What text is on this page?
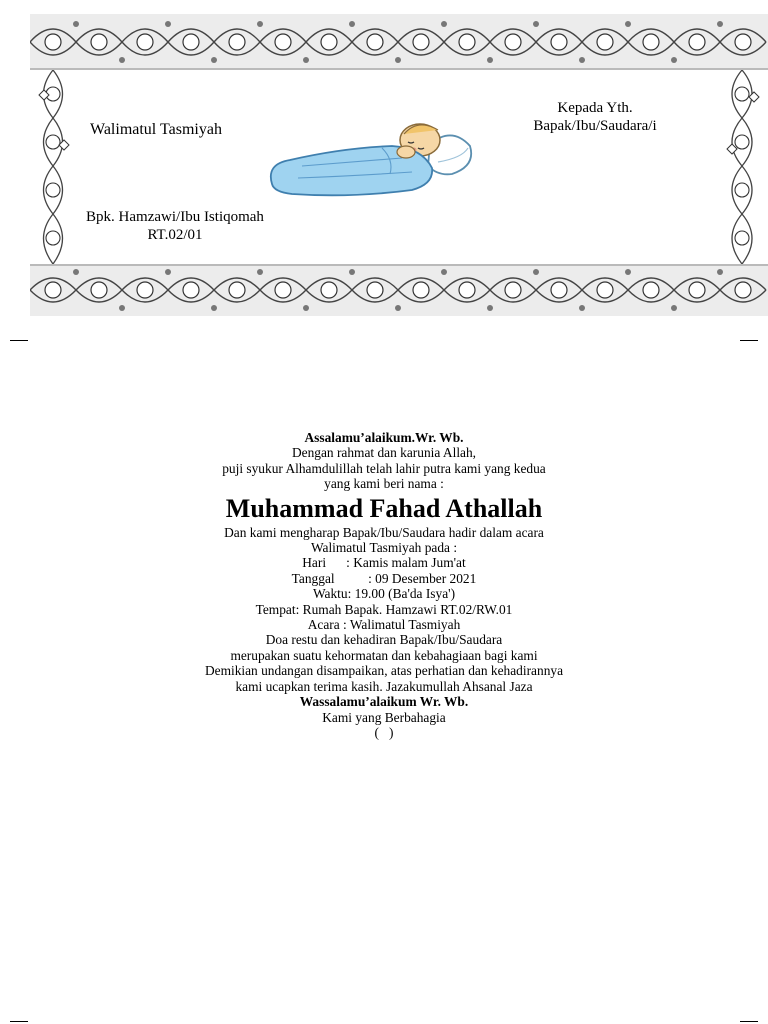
Walimatul Tasmiyah
Kepada Yth.
Bapak/Ibu/Saudara/i
Bpk. Hamzawi/Ibu Istiqomah
RT.02/01
Assalamu’alaikum.Wr. Wb.
Dengan rahmat dan karunia Allah,
puji syukur Alhamdulillah telah lahir putra kami yang kedua
yang kami beri nama :
Muhammad Fahad Athallah
Dan kami mengharap Bapak/Ibu/Saudara hadir dalam acara
Walimatul Tasmiyah pada :
Hari      : Kamis malam Jum'at
Tanggal          : 09 Desember 2021
Waktu: 19.00 (Ba'da Isya')
Tempat: Rumah Bapak. Hamzawi RT.02/RW.01
Acara : Walimatul Tasmiyah
Doa restu dan kehadiran Bapak/Ibu/Saudara
merupakan suatu kehormatan dan kebahagiaan bagi kami
Demikian undangan disampaikan, atas perhatian dan kehadirannya
kami ucapkan terima kasih. Jazakumullah Ahsanal Jaza
Wassalamu’alaikum Wr. Wb.
Kami yang Berbahagia
(   )
